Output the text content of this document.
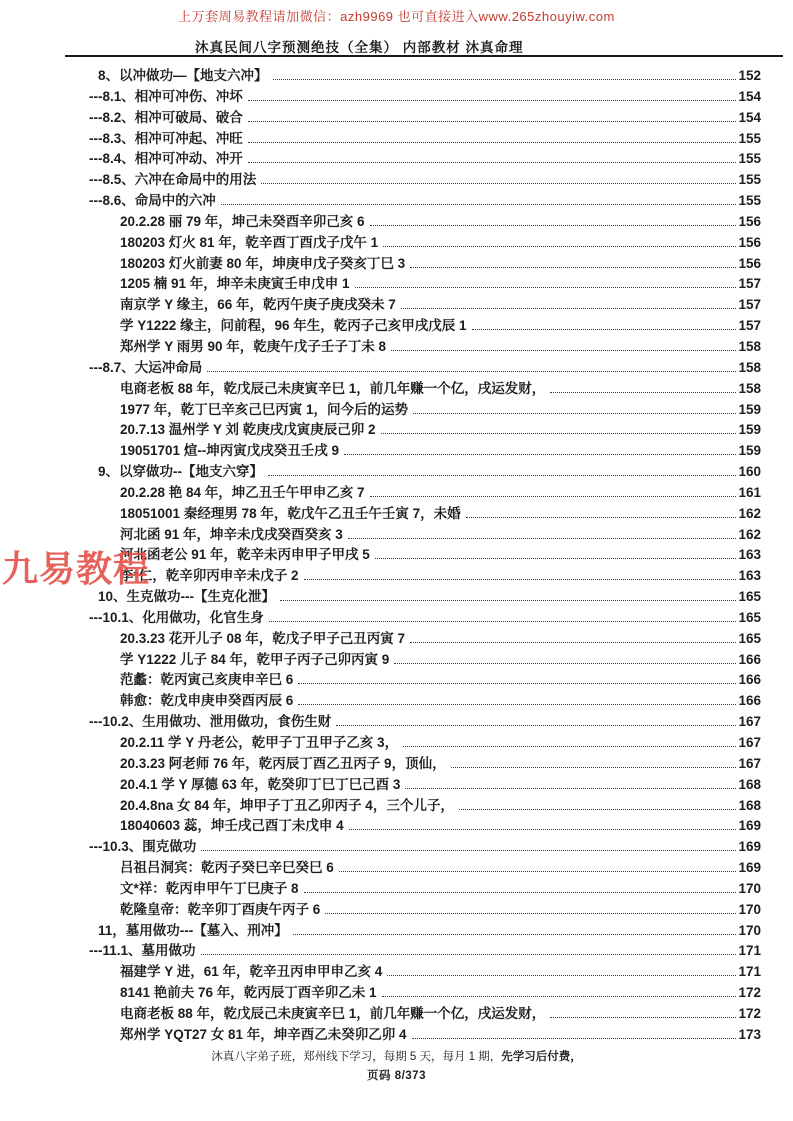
上万套周易教程请加微信：azh9969 也可直接进入www.265zhouyiw.com
沐真民间八字预测绝技（全集） 内部教材 沐真命理
8、以冲做功—【地支六冲】	152
---8.1、相冲可冲伤、冲坏	154
---8.2、相冲可破局、破合	154
---8.3、相冲可冲起、冲旺	155
---8.4、相冲可冲动、冲开	155
---8.5、六冲在命局中的用法	155
---8.6、命局中的六冲	155
20.2.28 丽 79 年，坤己未癸酉辛卯己亥 6	156
180203 灯火 81 年，乾辛酉丁酉戊子戊午 1	156
180203 灯火前妻 80 年，坤庚申戊子癸亥丁巳 3	156
1205 楠 91 年，坤辛未庚寅壬申戊申 1	157
南京学 Y 缘主，66 年，乾丙午庚子庚戌癸未 7	157
学 Y1222 缘主，问前程，96 年生，乾丙子己亥甲戌戊辰 1	157
郑州学 Y 雨男 90 年，乾庚午戊子壬子丁未 8	158
---8.7、大运冲命局	158
电商老板 88 年，乾戊辰己未庚寅辛巳 1，前几年赚一个亿，戌运发财，	158
1977 年，乾丁巳辛亥己巳丙寅 1，问今后的运势	159
20.7.13 温州学 Y 刘 乾庚戌戊寅庚辰己卯 2	159
19051701 煊--坤丙寅戊戌癸丑壬戌 9	159
9、以穿做功--【地支六穿】	160
20.2.28 艳 84 年，坤乙丑壬午甲申乙亥 7	161
18051001 秦经理男 78 年，乾戊午乙丑壬午壬寅 7，未婚	162
河北函 91 年，坤辛未戊戌癸酉癸亥 3	162
河北函老公 91 年，乾辛未丙申甲子甲戌 5	163
李*仁，乾辛卯丙申辛未戊子 2	163
10、生克做功---【生克化泄】	165
---10.1、化用做功，化官生身	165
20.3.23 花开儿子 08 年，乾戊子甲子己丑丙寅 7	165
学 Y1222 儿子 84 年，乾甲子丙子己卯丙寅 9	166
范蠡：乾丙寅己亥庚申辛巳 6	166
韩愈：乾戊申庚申癸酉丙辰 6	166
---10.2、生用做功、泄用做功，食伤生财	167
20.2.11 学 Y 丹老公，乾甲子丁丑甲子乙亥 3，	167
20.3.23 阿老师 76 年，乾丙辰丁酉乙丑丙子 9，顶仙，	167
20.4.1 学 Y 厚德 63 年，乾癸卯丁巳丁巳己酉 3	168
20.4.8na 女 84 年，坤甲子丁丑乙卯丙子 4，三个儿子，	168
18040603 蕊，坤壬戌己酉丁未戊申 4	169
---10.3、围克做功	169
吕祖吕洞宾：乾丙子癸巳辛巳癸巳 6	169
文*祥：乾丙申甲午丁巳庚子 8	170
乾隆皇帝：乾辛卯丁酉庚午丙子 6	170
11，墓用做功---【墓入、刑冲】	170
---11.1、墓用做功	171
福建学 Y 进，61 年，乾辛丑丙申甲申乙亥 4	171
8141 艳前夫 76 年，乾丙辰丁酉辛卯乙未 1	172
电商老板 88 年，乾戊辰己未庚寅辛巳 1，前几年赚一个亿，戌运发财，	172
郑州学 YQT27 女 81 年，坤辛酉乙未癸卯乙卯 4	173
九易教程
沐真八字弟子班，郑州线下学习，每期 5 天，每月 1 期，先学习后付费，
页码 8/373
